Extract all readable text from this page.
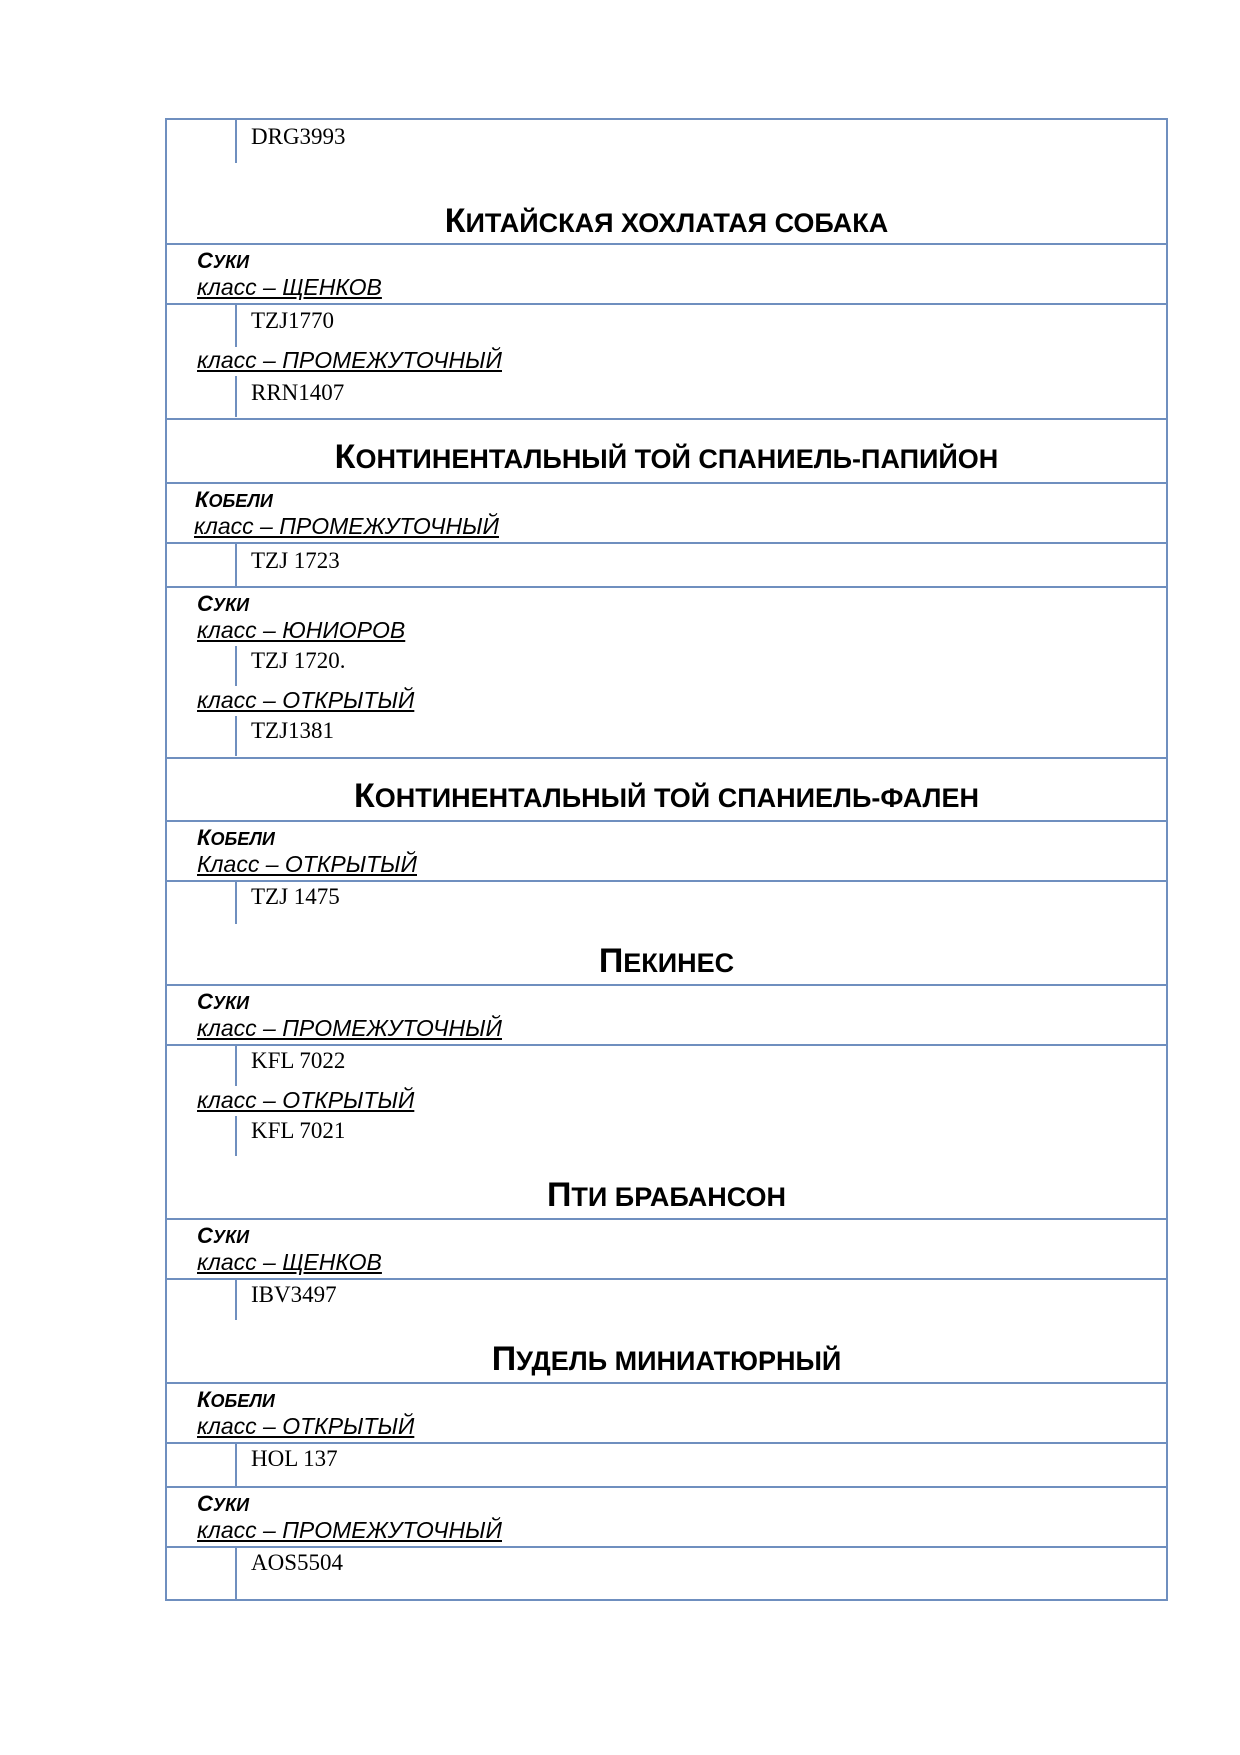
DRG3993
КИТАЙСКАЯ ХОХЛАТАЯ СОБАКА
СУКИ
класс – ЩЕНКОВ
TZJ1770
класс – ПРОМЕЖУТОЧНЫЙ
RRN1407
КОНТИНЕНТАЛЬНЫЙ ТОЙ СПАНИЕЛЬ-ПАПИЙОН
КОБЕЛИ
класс – ПРОМЕЖУТОЧНЫЙ
TZJ 1723
СУКИ
класс – ЮНИОРОВ
TZJ 1720.
класс – ОТКРЫТЫЙ
TZJ1381
КОНТИНЕНТАЛЬНЫЙ ТОЙ СПАНИЕЛЬ-ФАЛЕН
КОБЕЛИ
Класс – ОТКРЫТЫЙ
TZJ 1475
ПЕКИНЕС
СУКИ
класс – ПРОМЕЖУТОЧНЫЙ
KFL 7022
класс – ОТКРЫТЫЙ
KFL 7021
ПТИ БРАБАНСОН
СУКИ
класс – ЩЕНКОВ
IBV3497
ПУДЕЛЬ МИНИАТЮРНЫЙ
КОБЕЛИ
класс – ОТКРЫТЫЙ
HOL 137
СУКИ
класс – ПРОМЕЖУТОЧНЫЙ
AOS5504
